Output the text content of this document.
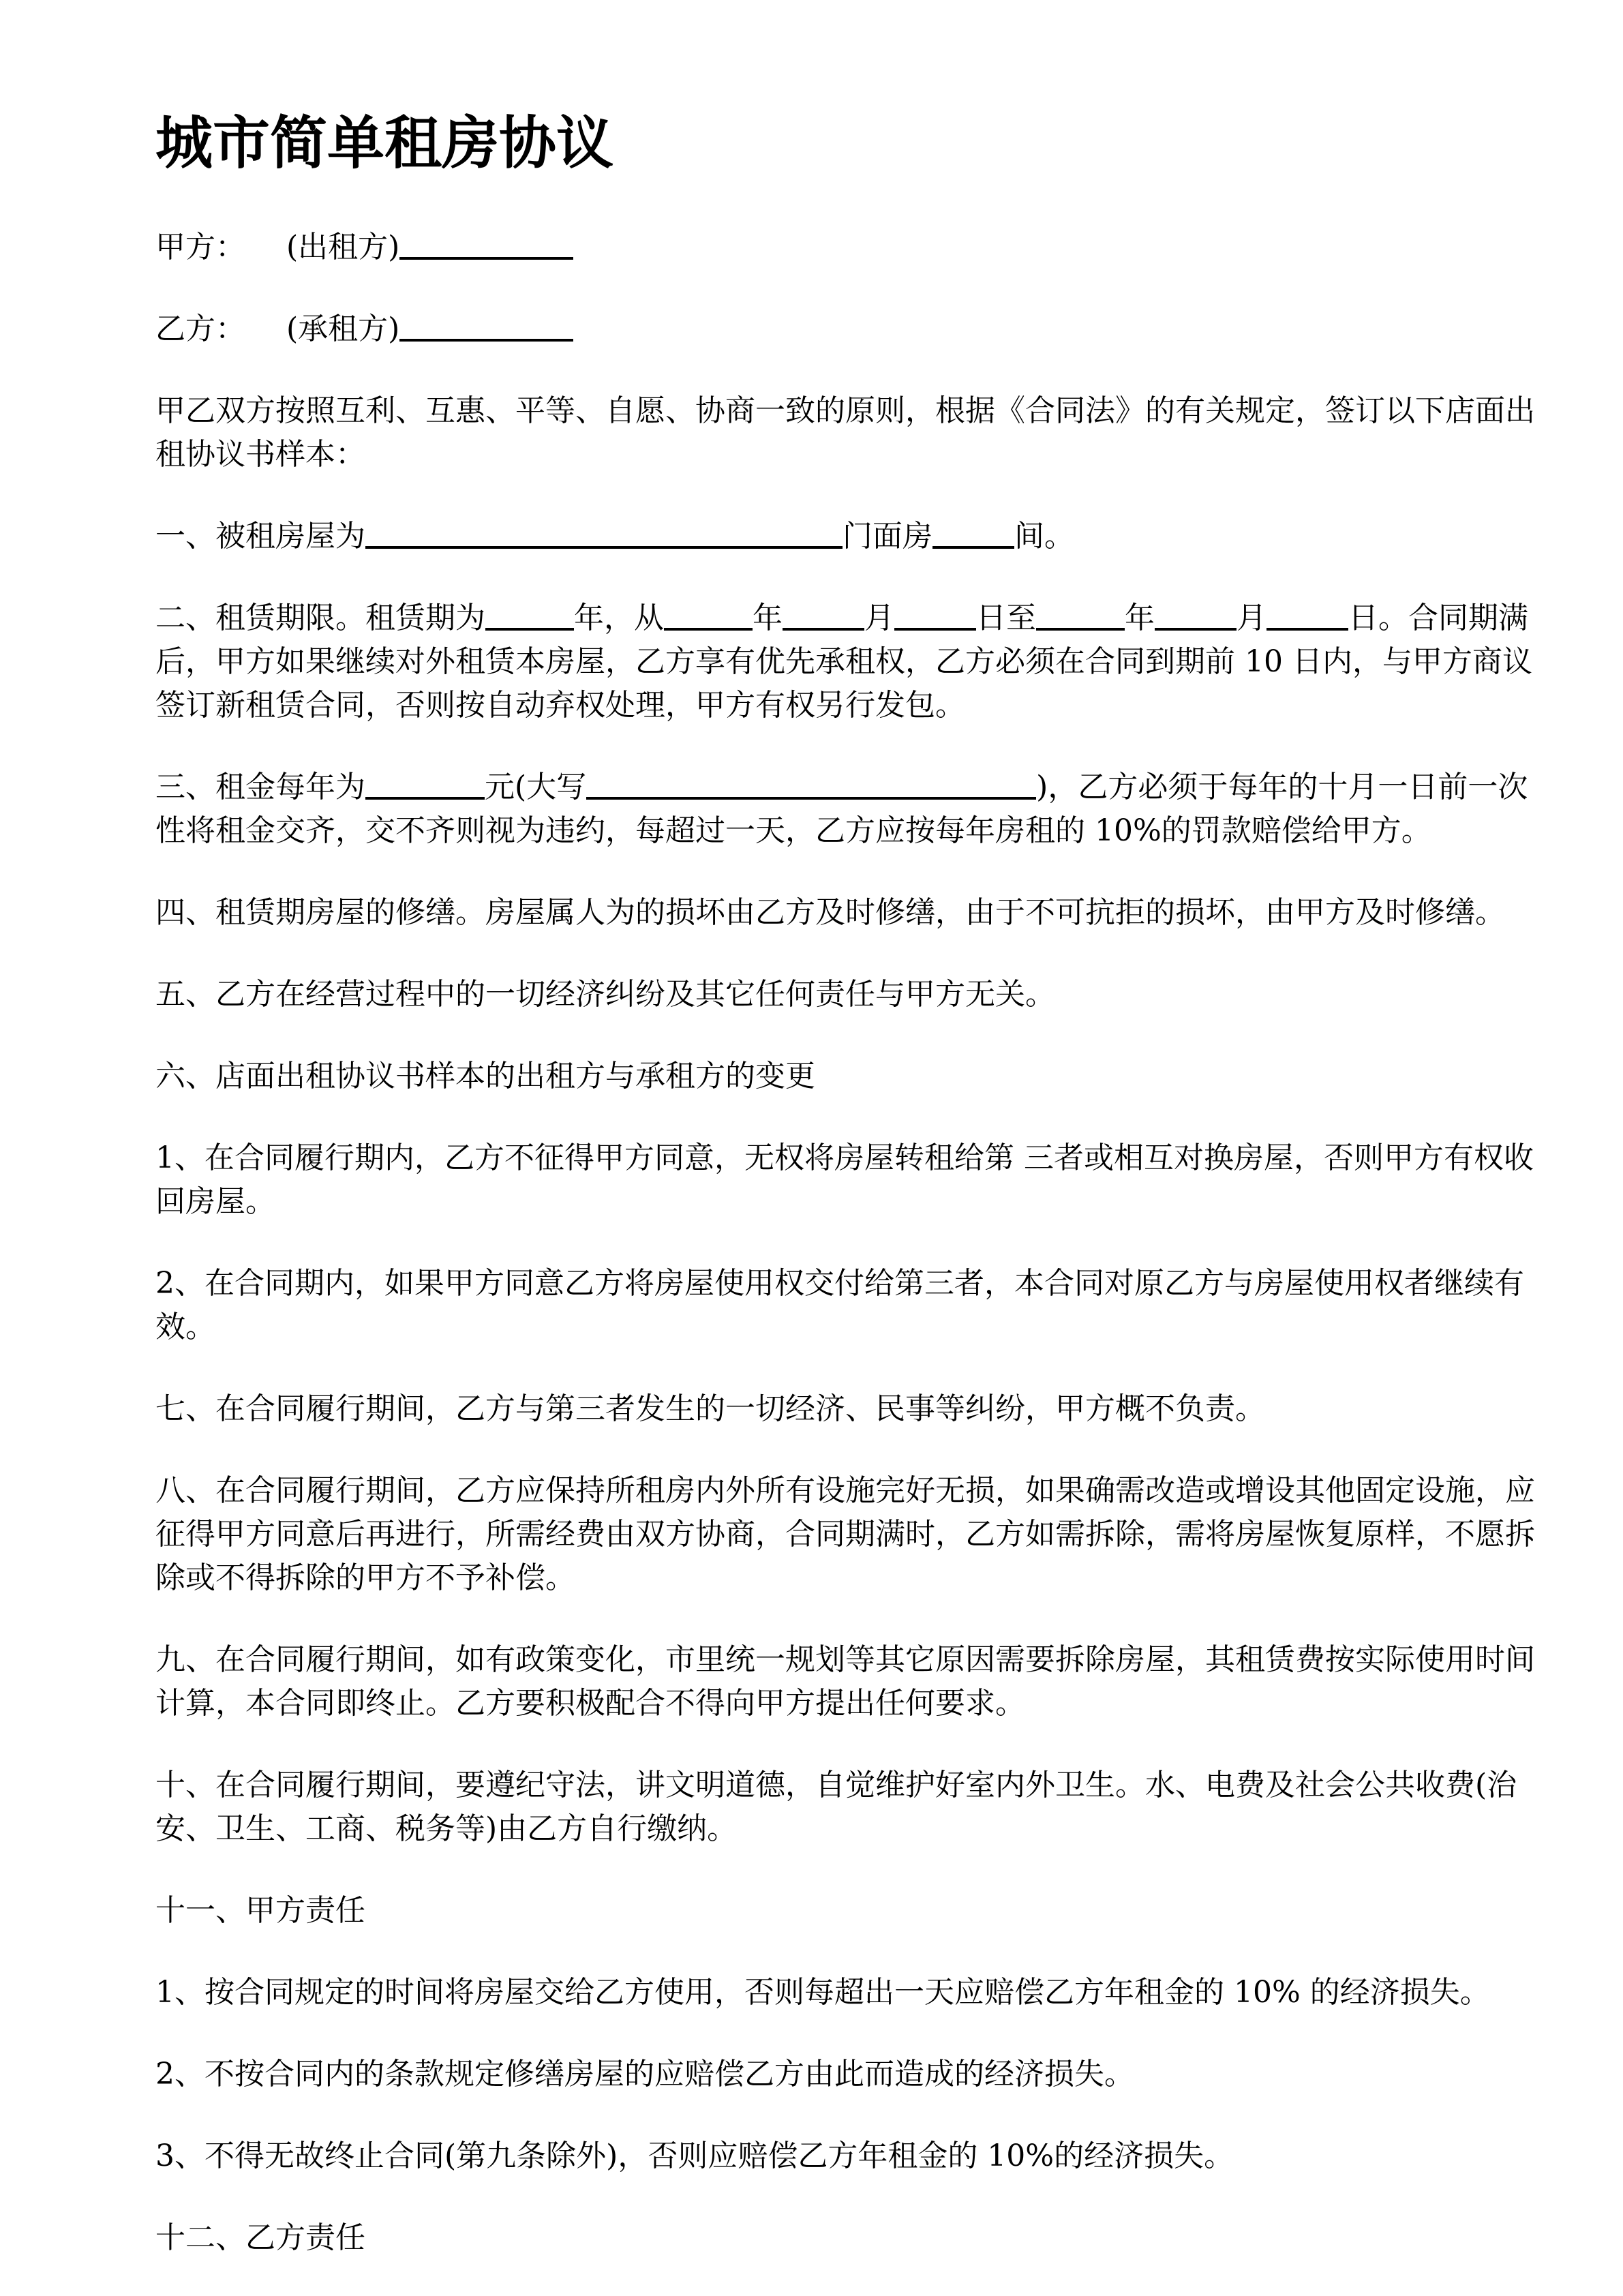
城市简单租房协议

甲方： (出租方)

乙方： (承租方)

甲乙双方按照互利、互惠、平等、自愿、协商一致的原则，根据《合同法》的有关规定，签订以下店面出租协议书样本：

一、被租房屋为	门面房	间。

二、租赁期限。租赁期为	年，从	年	月	日至	年	月	日。合同期满后，甲方如果继续对外租赁本房屋，乙方享有优先承租权，乙方必须在合同到期前 10 日内，与甲方商议签订新租赁合同，否则按自动弃权处理，甲方有权另行发包。

三、租金每年为	元(大写	)，乙方必须于每年的十月一日前一次性将租金交齐，交不齐则视为违约，每超过一天，乙方应按每年房租的 10%的罚款赔偿给甲方。

四、租赁期房屋的修缮。房屋属人为的损坏由乙方及时修缮，由于不可抗拒的损坏，由甲方及时修缮。

五、乙方在经营过程中的一切经济纠纷及其它任何责任与甲方无关。

六、店面出租协议书样本的出租方与承租方的变更

1、在合同履行期内，乙方不征得甲方同意，无权将房屋转租给第 三者或相互对换房屋，否则甲方有权收回房屋。

2、在合同期内，如果甲方同意乙方将房屋使用权交付给第三者，本合同对原乙方与房屋使用权者继续有效。

七、在合同履行期间，乙方与第三者发生的一切经济、民事等纠纷，甲方概不负责。

八、在合同履行期间，乙方应保持所租房内外所有设施完好无损，如果确需改造或增设其他固定设施，应征得甲方同意后再进行，所需经费由双方协商，合同期满时，乙方如需拆除，需将房屋恢复原样，不愿拆除或不得拆除的甲方不予补偿。

九、在合同履行期间，如有政策变化，市里统一规划等其它原因需要拆除房屋，其租赁费按实际使用时间计算，本合同即终止。乙方要积极配合不得向甲方提出任何要求。

十、在合同履行期间，要遵纪守法，讲文明道德，自觉维护好室内外卫生。水、电费及社会公共收费(治安、卫生、工商、税务等)由乙方自行缴纳。

十一、甲方责任

1、按合同规定的时间将房屋交给乙方使用，否则每超出一天应赔偿乙方年租金的 10% 的经济损失。

2、不按合同内的条款规定修缮房屋的应赔偿乙方由此而造成的经济损失。

3、不得无故终止合同(第九条除外)，否则应赔偿乙方年租金的 10%的经济损失。

十二、乙方责任
